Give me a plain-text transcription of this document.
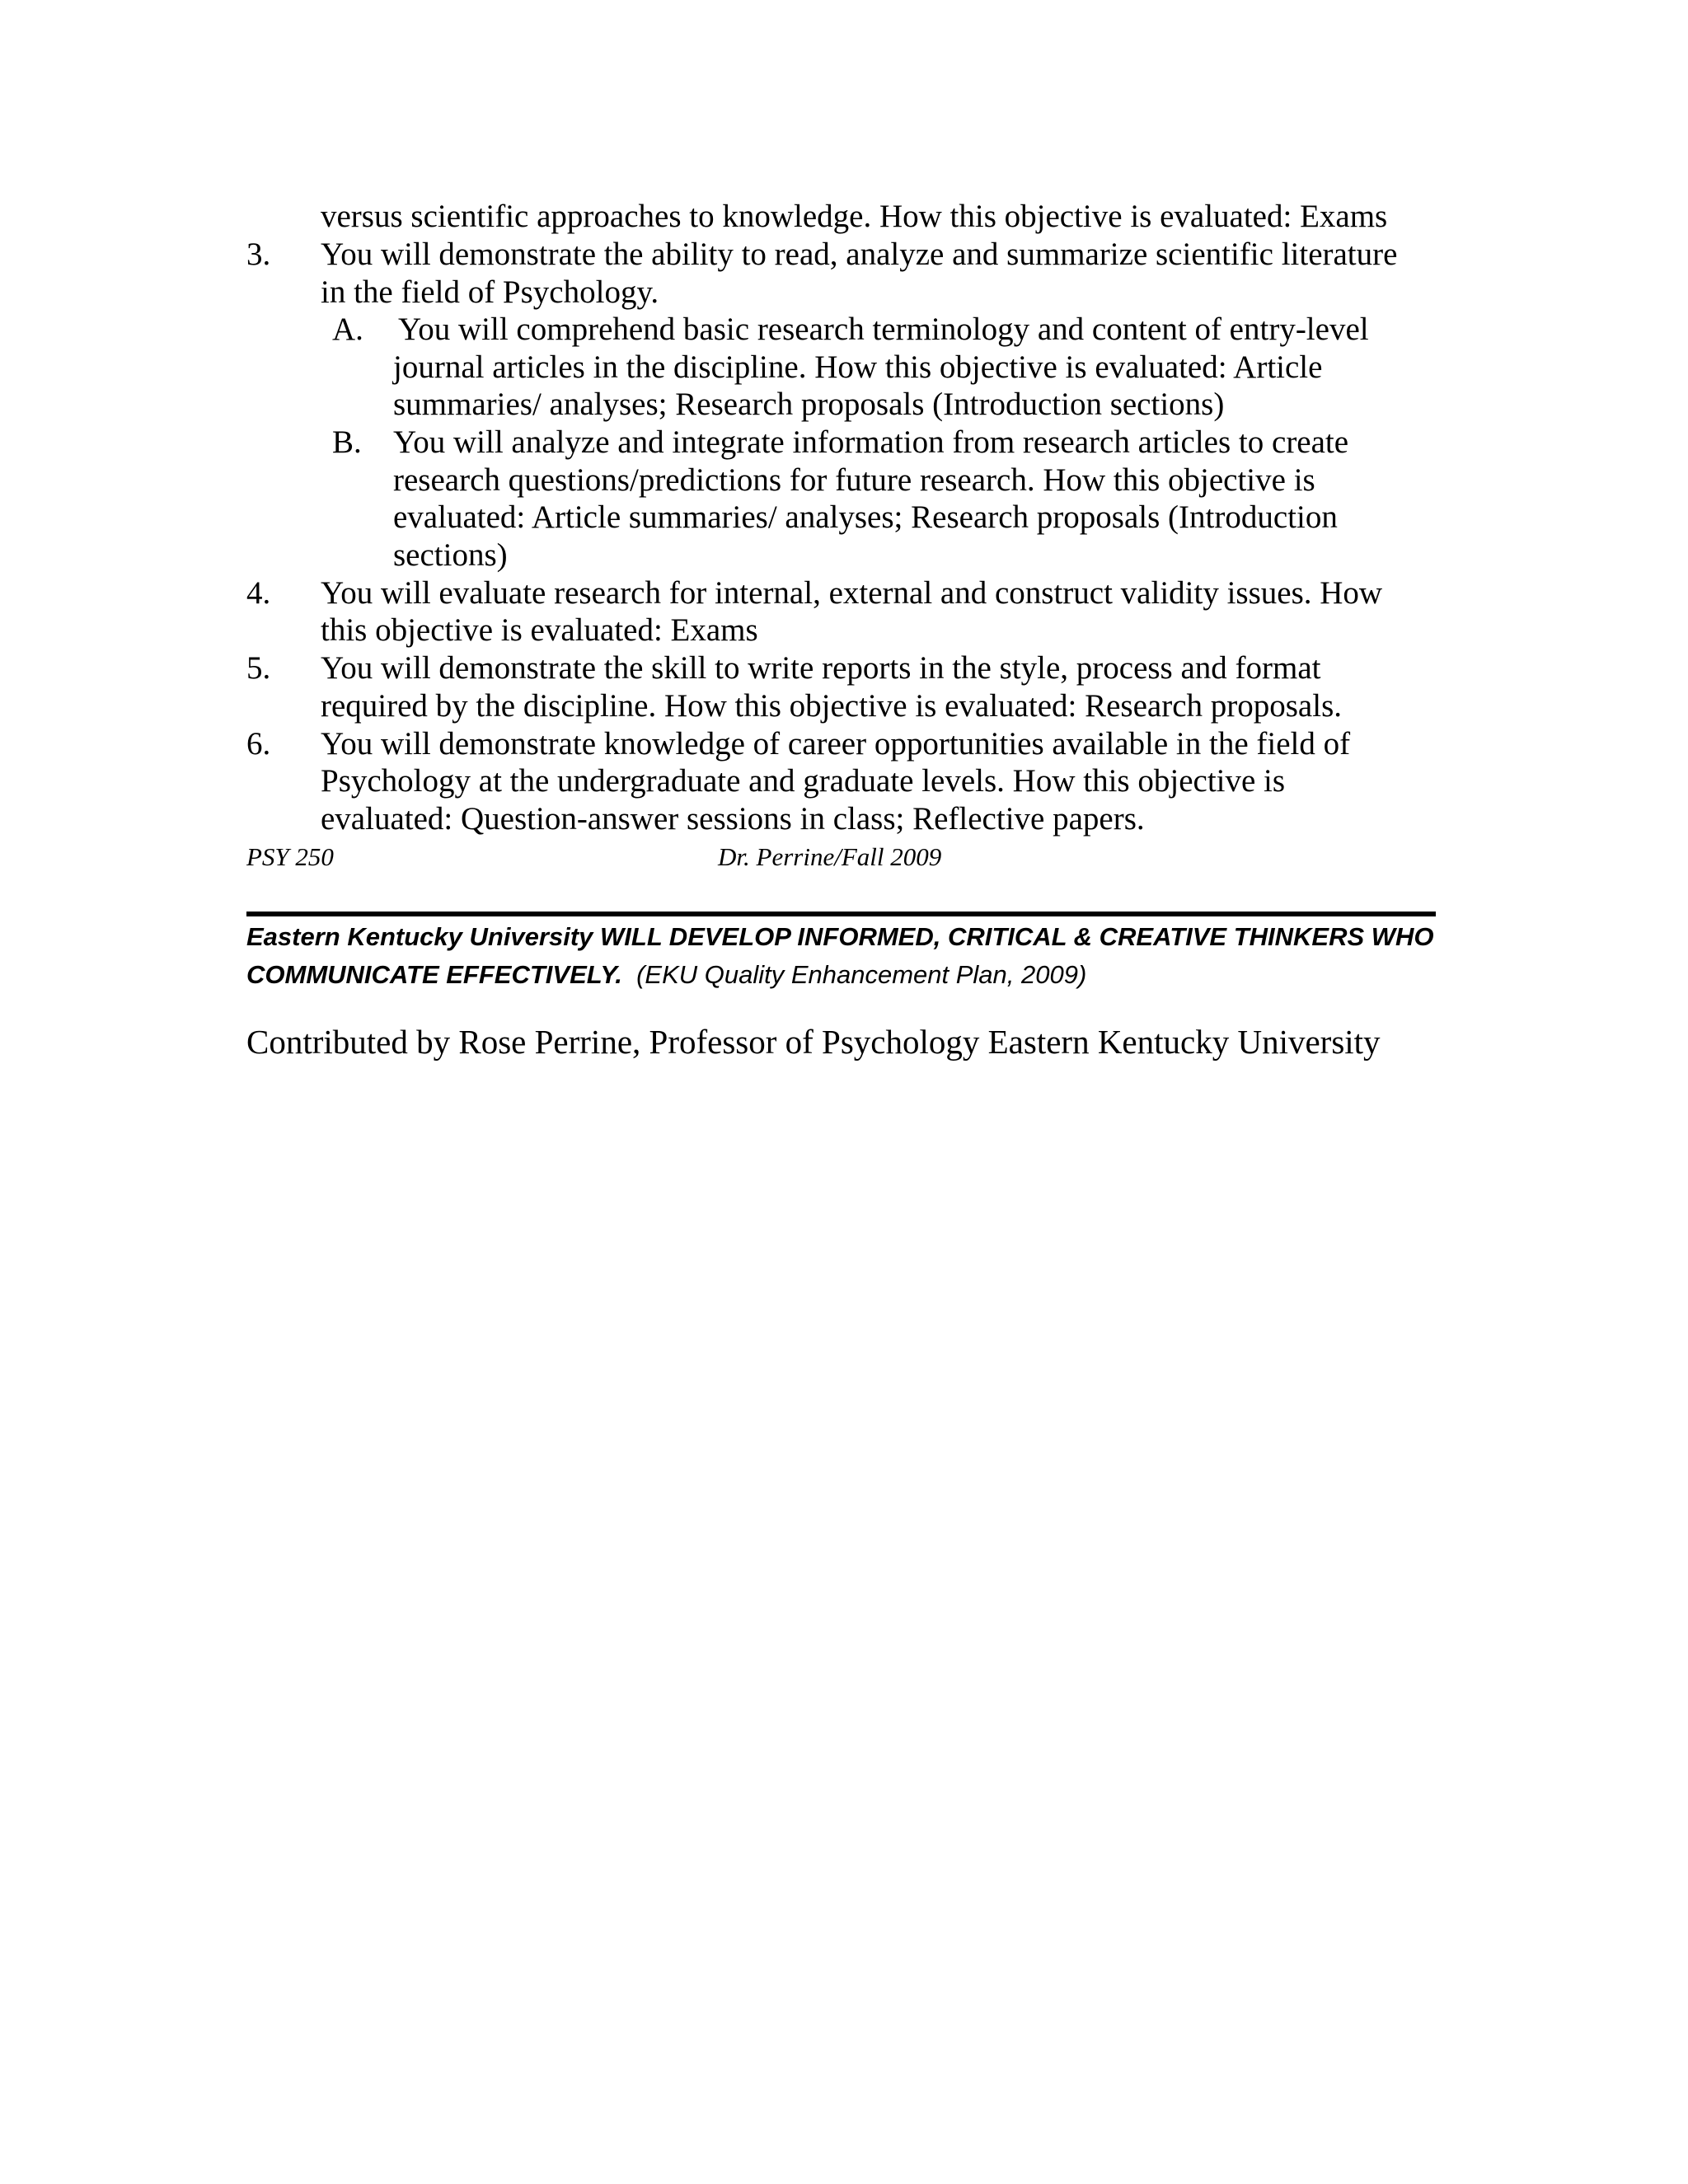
versus scientific approaches to knowledge. How this objective is evaluated: Exams
3. You will demonstrate the ability to read, analyze and summarize scientific literature
in the field of Psychology.
A. You will comprehend basic research terminology and content of entry-level
journal articles in the discipline. How this objective is evaluated: Article
summaries/ analyses; Research proposals (Introduction sections)
B. You will analyze and integrate information from research articles to create
research questions/predictions for future research. How this objective is
evaluated: Article summaries/ analyses; Research proposals (Introduction
sections)
4. You will evaluate research for internal, external and construct validity issues. How
this objective is evaluated: Exams
5. You will demonstrate the skill to write reports in the style, process and format
required by the discipline. How this objective is evaluated: Research proposals.
6. You will demonstrate knowledge of career opportunities available in the field of
Psychology at the undergraduate and graduate levels. How this objective is
evaluated: Question-answer sessions in class; Reflective papers.
PSY 250	Dr. Perrine/Fall 2009
Eastern Kentucky University WILL DEVELOP INFORMED, CRITICAL & CREATIVE THINKERS WHO
COMMUNICATE EFFECTIVELY. (EKU Quality Enhancement Plan, 2009)
Contributed by Rose Perrine, Professor of Psychology Eastern Kentucky University
